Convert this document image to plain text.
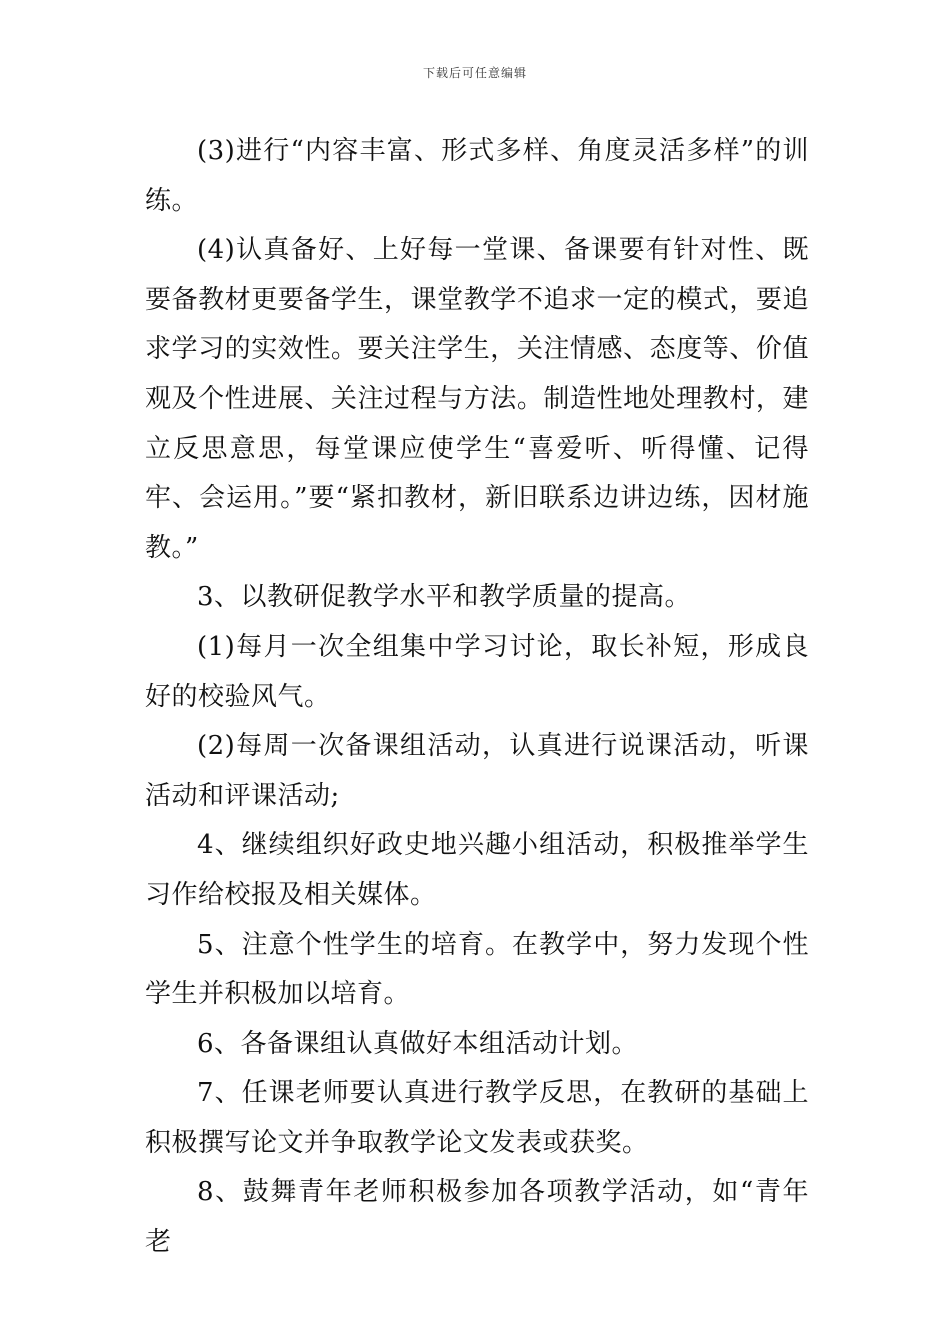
下载后可任意编辑

(3)进行“内容丰富、形式多样、角度灵活多样”的训练。

(4)认真备好、上好每一堂课、备课要有针对性、既要备教材更要备学生，课堂教学不追求一定的模式，要追求学习的实效性。要关注学生，关注情感、态度等、价值观及个性进展、关注过程与方法。制造性地处理教村，建立反思意思，每堂课应使学生“喜爱听、听得懂、记得牢、会运用。”要“紧扣教材，新旧联系边讲边练，因材施教。”

3、以教研促教学水平和教学质量的提高。

(1)每月一次全组集中学习讨论，取长补短，形成良好的校验风气。

(2)每周一次备课组活动，认真进行说课活动，听课活动和评课活动;

4、继续组织好政史地兴趣小组活动，积极推举学生习作给校报及相关媒体。

5、注意个性学生的培育。在教学中，努力发现个性学生并积极加以培育。

6、各备课组认真做好本组活动计划。

7、任课老师要认真进行教学反思，在教研的基础上积极撰写论文并争取教学论文发表或获奖。

8、鼓舞青年老师积极参加各项教学活动，如“青年老
